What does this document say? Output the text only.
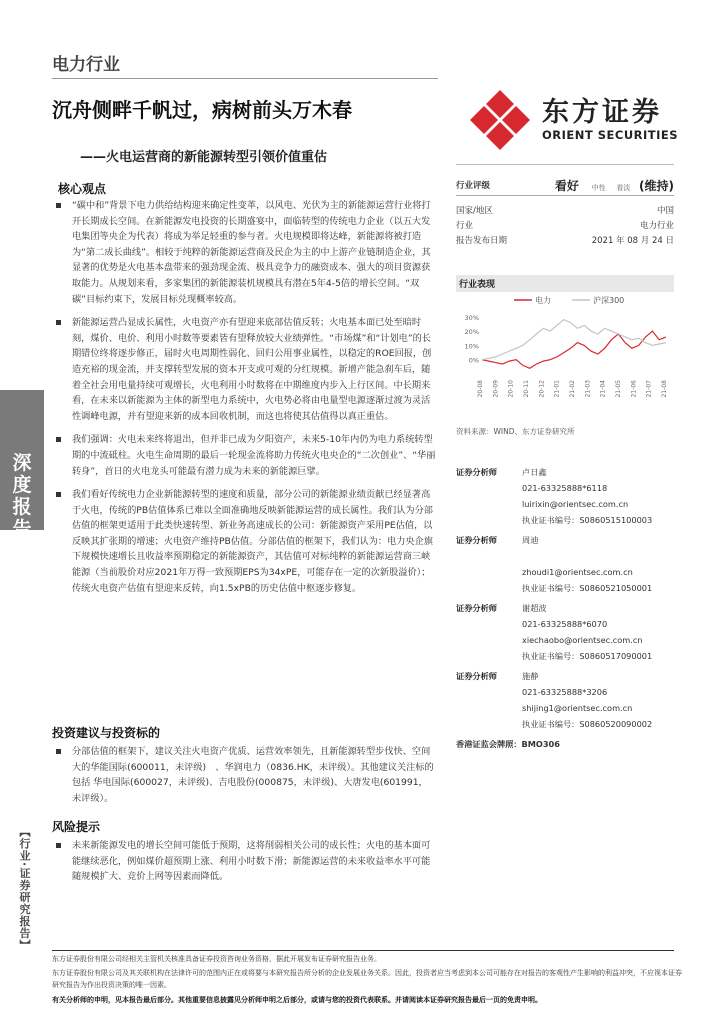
电力行业
沉舟侧畔千帆过，病树前头万木春
——火电运营商的新能源转型引领价值重估
东方证券
ORIENT SECURITIES
深度报告
【行业·证券研究报告】
核心观点
“碳中和”背景下电力供给结构迎来确定性变革，以风电、光伏为主的新能源运营行业将打开长期成长空间。在新能源发电投资的长期盛宴中，面临转型的传统电力企业（以五大发电集团等央企为代表）将成为举足轻重的参与者。火电规模即将达峰，新能源将被打造为“第二成长曲线”。相较于纯粹的新能源运营商及民企为主的中上游产业链制造企业，其显著的优势是火电基本盘带来的强劲现金流、极具竞争力的融资成本、强大的项目资源获取能力。从规划来看，多家集团的新能源装机规模具有潜在5年4-5倍的增长空间。“双碳”目标约束下，发展目标兑现概率较高。
新能源运营凸显成长属性，火电资产亦有望迎来底部估值反转；火电基本面已处至暗时刻，煤价、电价、利用小时数等要素皆有望释放较大业绩弹性。“市场煤”和“计划电”的长期错位终将逐步修正，届时火电周期性弱化、回归公用事业属性，以稳定的ROE回报，创造充裕的现金流，并支撑转型发展的资本开支或可观的分红规模。新增产能急刹车后，随着全社会用电量持续可观增长，火电利用小时数将在中期维度内步入上行区间。中长期来看，在未来以新能源为主体的新型电力系统中，火电势必将由电量型电源逐渐过渡为灵活性调峰电源，并有望迎来新的成本回收机制，而这也将使其估值得以真正重估。
我们强调：火电未来终将退出，但并非已成为夕阳资产，未来5-10年内仍为电力系统转型期的中流砥柱。火电生命周期的最后一轮现金流将助力传统火电央企的“二次创业”、“华丽转身”，首日的火电龙头可能最有潜力成为未来的新能源巨擘。
我们看好传统电力企业新能源转型的速度和质量，部分公司的新能源业绩贡献已经显著高于火电，传统的PB估值体系已难以全面准确地反映新能源运营的成长属性。我们认为分部估值的框架更适用于此类快速转型、新业务高速成长的公司：新能源资产采用PE估值，以反映其扩张期的增速；火电资产维持PB估值。分部估值的框架下，我们认为：电力央企旗下规模快速增长且收益率预期稳定的新能源资产，其估值可对标纯粹的新能源运营商三峡能源（当前股价对应2021年万得一致预期EPS为34xPE，可能存在一定的次新股溢价）；传统火电资产估值有望迎来反转，向1.5xPB的历史估值中枢逐步修复。
投资建议与投资标的
分部估值的框架下，建议关注火电资产优质、运营效率领先，且新能源转型步伐快、空间大的华能国际(600011，未评级)　、华润电力（0836.HK，未评级）。其他建议关注标的包括 华电国际(600027，未评级)、吉电股份(000875，未评级)、大唐发电(601991，未评级）。
风险提示
未来新能源发电的增长空间可能低于预期，这将削弱相关公司的成长性；火电的基本面可能继续恶化，例如煤价超预期上涨、利用小时数下滑；新能源运营的未来收益率水平可能随规模扩大、竞价上网等因素而降低。
行业评级	看好 中性 看淡 (维持)
国家/地区	中国
行业	电力行业
报告发布日期	2021 年 08 月 24 日
行业表现
电力	沪深300
30%
20%
10%
0%
20-08 20-09 20-10 20-11 20-12 21-01 21-02 21-03 21-04 21-05 21-06 21-07 21-08
资料来源：WIND、东方证券研究所
证券分析师	卢日鑫
021-63325888*6118
luirixin@orientsec.com.cn
执业证书编号：S0860515100003
证券分析师	周迪
zhoudi1@orientsec.com.cn
执业证书编号：S0860521050001
证券分析师	谢超波
021-63325888*6070
xiechaobo@orientsec.com.cn
执业证书编号：S0860517090001
证券分析师	施静
021-63325888*3206
shijing1@orientsec.com.cn
执业证书编号：S0860520090002
香港证监会牌照：BMO306
东方证券股份有限公司经相关主管机关核准具备证券投资咨询业务资格，据此开展发布证券研究报告业务。
东方证券股份有限公司及其关联机构在法律许可的范围内正在或将要与本研究报告所分析的企业发展业务关系。因此，投资者应当考虑到本公司可能存在对报告的客观性产生影响的利益冲突，不应视本证券研究报告为作出投资决策的唯一因素。
有关分析师的申明，见本报告最后部分。其他重要信息披露见分析师申明之后部分，或请与您的投资代表联系。并请阅读本证券研究报告最后一页的免责申明。
